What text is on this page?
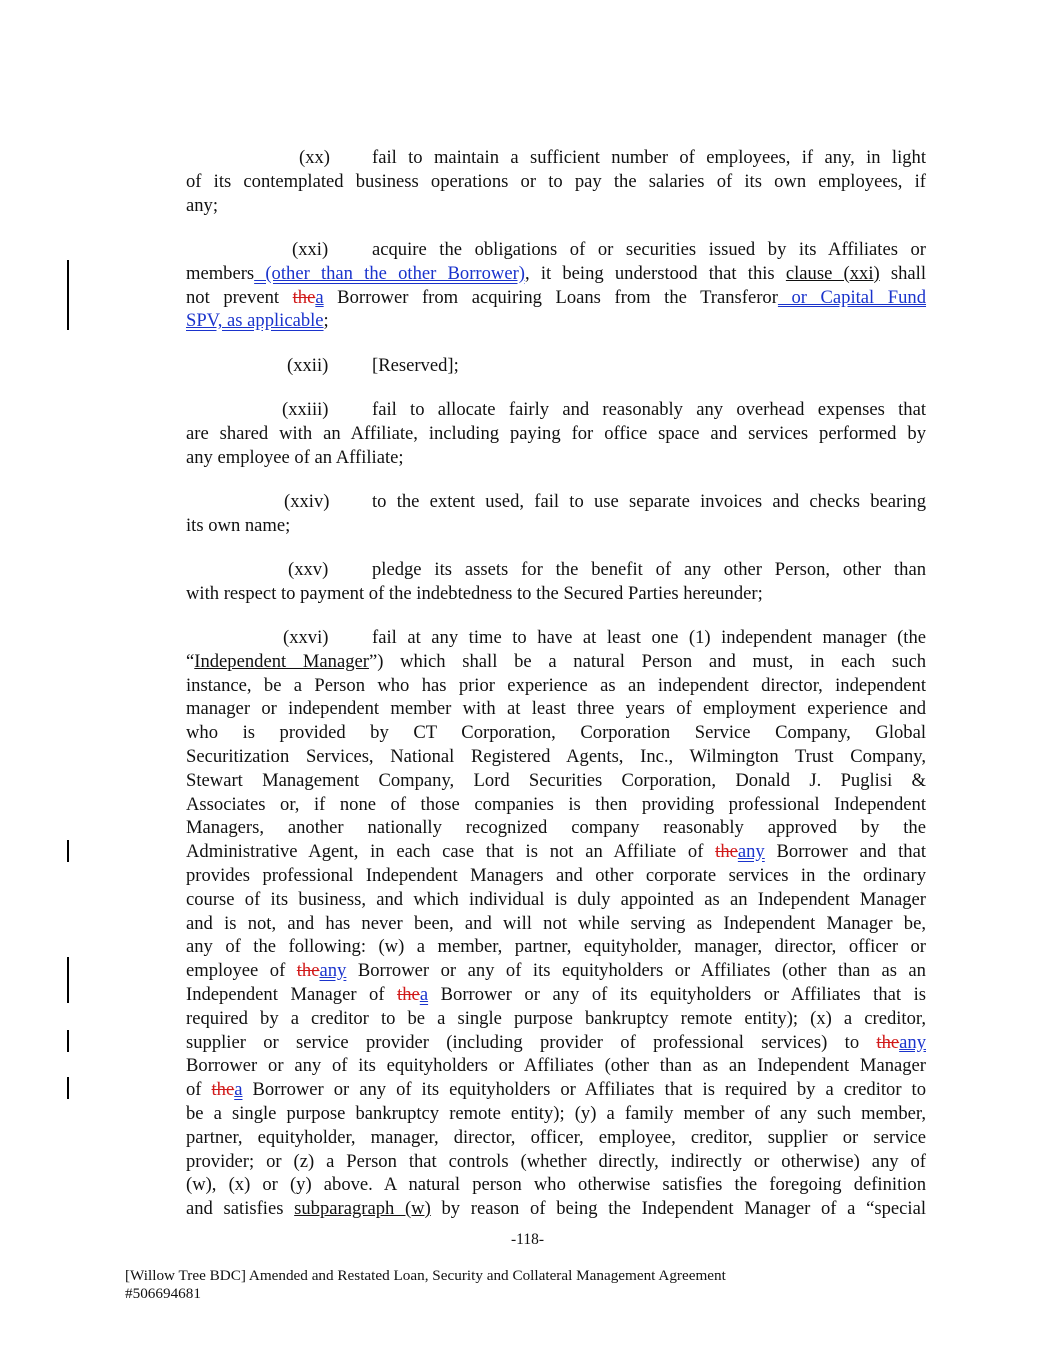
(xx) fail to maintain a sufficient number of employees, if any, in light
of its contemplated business operations or to pay the salaries of its own employees, if
any;
(xxi) acquire the obligations of or securities issued by its Affiliates or
members (other than the other Borrower), it being understood that this clause (xxi) shall
not prevent thea Borrower from acquiring Loans from the Transferor or Capital Fund
SPV, as applicable;
(xxii) [Reserved];
(xxiii) fail to allocate fairly and reasonably any overhead expenses that
are shared with an Affiliate, including paying for office space and services performed by
any employee of an Affiliate;
(xxiv) to the extent used, fail to use separate invoices and checks bearing
its own name;
(xxv) pledge its assets for the benefit of any other Person, other than
with respect to payment of the indebtedness to the Secured Parties hereunder;
(xxvi) fail at any time to have at least one (1) independent manager (the
“Independent Manager”) which shall be a natural Person and must, in each such
instance, be a Person who has prior experience as an independent director, independent
manager or independent member with at least three years of employment experience and
who is provided by CT Corporation, Corporation Service Company, Global
Securitization Services, National Registered Agents, Inc., Wilmington Trust Company,
Stewart Management Company, Lord Securities Corporation, Donald J. Puglisi &
Associates or, if none of those companies is then providing professional Independent
Managers, another nationally recognized company reasonably approved by the
Administrative Agent, in each case that is not an Affiliate of theany Borrower and that
provides professional Independent Managers and other corporate services in the ordinary
course of its business, and which individual is duly appointed as an Independent Manager
and is not, and has never been, and will not while serving as Independent Manager be,
any of the following: (w) a member, partner, equityholder, manager, director, officer or
employee of theany Borrower or any of its equityholders or Affiliates (other than as an
Independent Manager of thea Borrower or any of its equityholders or Affiliates that is
required by a creditor to be a single purpose bankruptcy remote entity); (x) a creditor,
supplier or service provider (including provider of professional services) to theany
Borrower or any of its equityholders or Affiliates (other than as an Independent Manager
of thea Borrower or any of its equityholders or Affiliates that is required by a creditor to
be a single purpose bankruptcy remote entity); (y) a family member of any such member,
partner, equityholder, manager, director, officer, employee, creditor, supplier or service
provider; or (z) a Person that controls (whether directly, indirectly or otherwise) any of
(w), (x) or (y) above. A natural person who otherwise satisfies the foregoing definition
and satisfies subparagraph (w) by reason of being the Independent Manager of a “special
-118-
[Willow Tree BDC] Amended and Restated Loan, Security and Collateral Management Agreement
#506694681
